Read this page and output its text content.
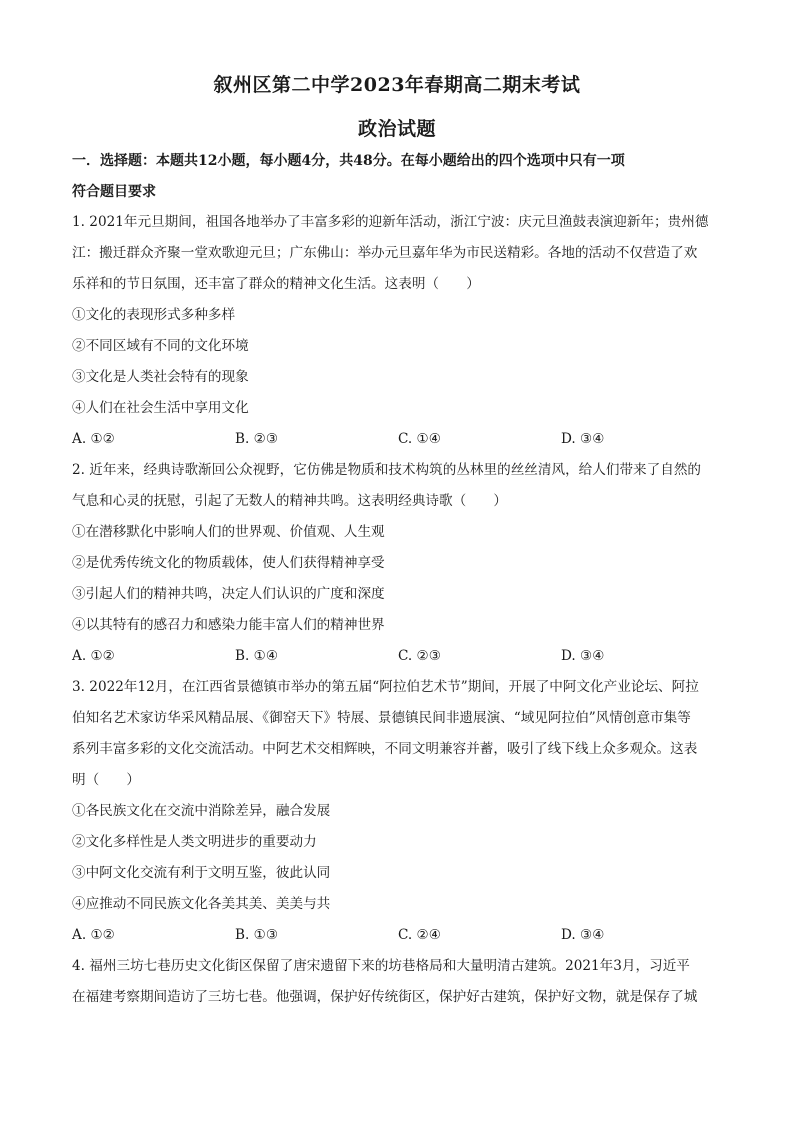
叙州区第二中学2023年春期高二期末考试
政治试题
一．选择题：本题共12小题，每小题4分，共48分。在每小题给出的四个选项中只有一项
符合题目要求

1. 2021年元旦期间，祖国各地举办了丰富多彩的迎新年活动，浙江宁波：庆元旦渔鼓表演迎新年；贵州德

江：搬迁群众齐聚一堂欢歌迎元旦；广东佛山：举办元旦嘉年华为市民送精彩。各地的活动不仅营造了欢

乐祥和的节日氛围，还丰富了群众的精神文化生活。这表明（　　）

①文化的表现形式多种多样

②不同区域有不同的文化环境

③文化是人类社会特有的现象

④人们在社会生活中享用文化

A. ①②	B. ②③	C. ①④	D. ③④

2. 近年来，经典诗歌渐回公众视野，它仿佛是物质和技术构筑的丛林里的丝丝清风，给人们带来了自然的

气息和心灵的抚慰，引起了无数人的精神共鸣。这表明经典诗歌（　　）

①在潜移默化中影响人们的世界观、价值观、人生观

②是优秀传统文化的物质载体，使人们获得精神享受

③引起人们的精神共鸣，决定人们认识的广度和深度

④以其特有的感召力和感染力能丰富人们的精神世界

A. ①②	B. ①④	C. ②③	D. ③④

3. 2022年12月，在江西省景德镇市举办的第五届“阿拉伯艺术节”期间，开展了中阿文化产业论坛、阿拉

伯知名艺术家访华采风精品展、《御窑天下》特展、景德镇民间非遗展演、“域见阿拉伯”风情创意市集等

系列丰富多彩的文化交流活动。中阿艺术交相辉映，不同文明兼容并蓄，吸引了线下线上众多观众。这表

明（　　）

①各民族文化在交流中消除差异，融合发展

②文化多样性是人类文明进步的重要动力

③中阿文化交流有利于文明互鉴，彼此认同

④应推动不同民族文化各美其美、美美与共

A. ①②	B. ①③	C. ②④	D. ③④

4. 福州三坊七巷历史文化街区保留了唐宋遗留下来的坊巷格局和大量明清古建筑。2021年3月，习近平

在福建考察期间造访了三坊七巷。他强调，保护好传统街区，保护好古建筑，保护好文物，就是保存了城
